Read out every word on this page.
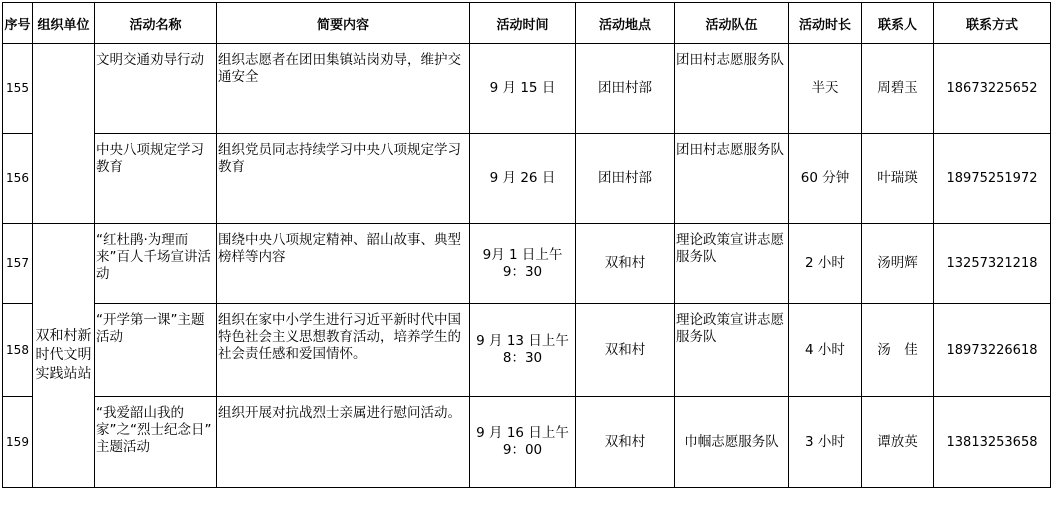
序号	组织单位	活动名称	简要内容	活动时间	活动地点	活动队伍	活动时长	联系人	联系方式
155		文明交通劝导行动	组织志愿者在团田集镇站岗劝导，维护交通安全	9 月 15 日	团田村部	团田村志愿服务队	半天	周碧玉	18673225652
156		中央八项规定学习教育	组织党员同志持续学习中央八项规定学习教育	9 月 26 日	团田村部	团田村志愿服务队	60 分钟	叶瑞瑛	18975251972
157	双和村新时代文明实践站站	“红杜鹃·为理而来”百人千场宣讲活动	围绕中央八项规定精神、韶山故事、典型榜样等内容	9月 1 日上午 9：30	双和村	理论政策宣讲志愿服务队	2 小时	汤明辉	13257321218
158		“开学第一课”主题活动	组织在家中小学生进行习近平新时代中国特色社会主义思想教育活动，培养学生的社会责任感和爱国情怀。	9 月 13 日上午 8：30	双和村	理论政策宣讲志愿服务队	4 小时	汤　佳	18973226618
159		“我爱韶山我的家”之“烈士纪念日” 主题活动	组织开展对抗战烈士亲属进行慰问活动。	9 月 16 日上午 9：00	双和村	巾帼志愿服务队	3 小时	谭放英	13813253658
